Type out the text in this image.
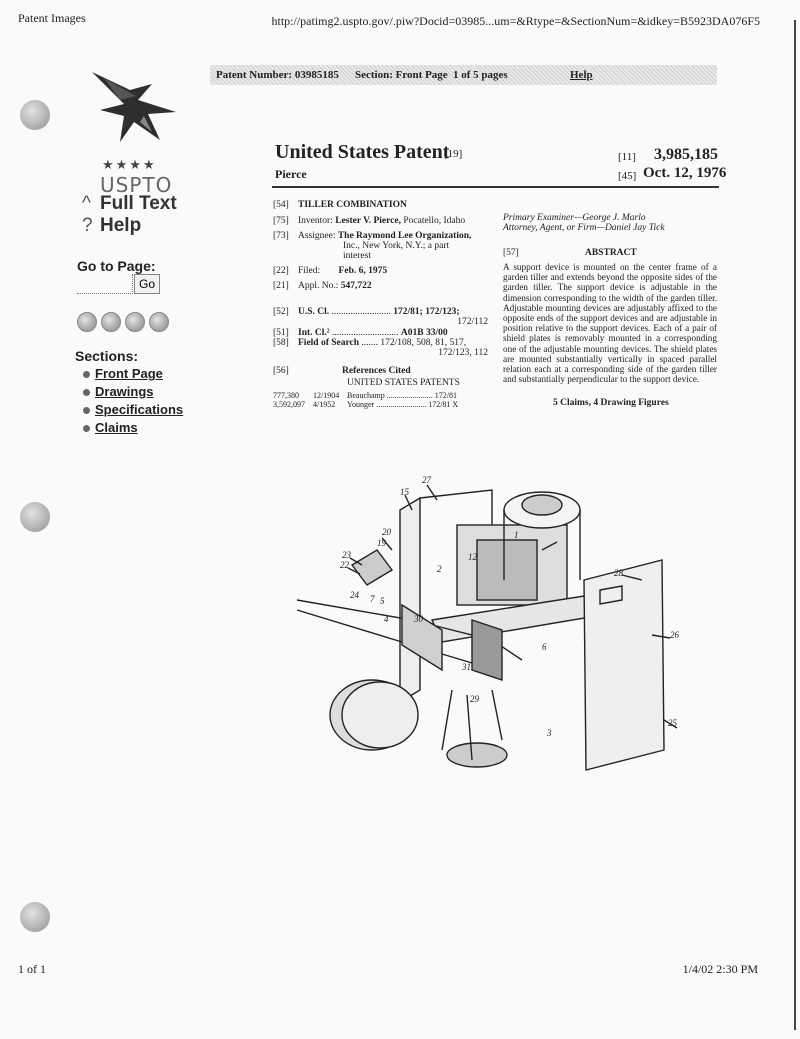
Patent Images	http://patimg2.uspto.gov/.piw?Docid=03985...um=&Rtype=&SectionNum=&idkey=B5923DA076F5
1 of 1	1/4/02 2:30 PM
★★★★
USPTO
^ Full Text
? Help
Go to Page:
Go
Sections:
Front Page
Drawings
Specifications
Claims
Patent Number: 03985185 Section: Front Page 1 of 5 pages	Help
United States Patent
[19]
Pierce
[11] 3,985,185
[45] Oct. 12, 1976
[54] TILLER COMBINATION
[75] Inventor: Lester V. Pierce, Pocatello, Idaho
[73] Assignee: The Raymond Lee Organization,
Inc., New York, N.Y.; a part
interest
[22] Filed: Feb. 6, 1975
[21] Appl. No.: 547,722
[52] U.S. Cl. ......................... 172/81; 172/123;
172/112
[51] Int. Cl.² ............................ A01B 33/00
[58] Field of Search ....... 172/108, 508, 81, 517,
172/123, 112
[56]	References Cited
UNITED STATES PATENTS
777,380 12/1904 Beauchamp ....................... 172/81
3,592,097 4/1952 Younger ......................... 172/81 X
Primary Examiner—George J. Marlo
Attorney, Agent, or Firm—Daniel Jay Tick
[57]	ABSTRACT
A support device is mounted on the center frame of a garden tiller and extends beyond the opposite sides of the garden tiller. The support device is adjustable in the dimension corresponding to the width of the garden tiller. Adjustable mounting devices are adjustably affixed to the opposite ends of the support devices and are adjustable in position relative to the support devices. Each of a pair of shield plates is removably mounted in a corresponding one of the adjustable mounting devices. The shield plates are mounted substantially vertically in spaced parallel relation each at a corresponding side of the garden tiller and substantially perpendicular to the support device.
5 Claims, 4 Drawing Figures
27
15
20
19
23
22
24 7 5
1
12
2
4	30
31
29
6
28
26
25
3
